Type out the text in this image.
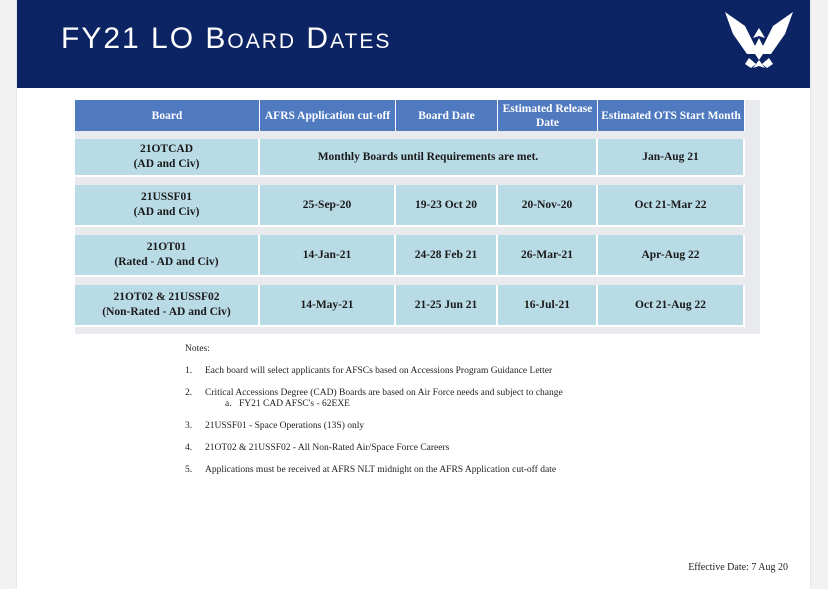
FY21 LO Board Dates
Board	AFRS Application cut-off	Board Date	Estimated Release Date	Estimated OTS Start Month

21OTCAD
(AD and Civ)	Monthly Boards until Requirements are met.			Jan-Aug 21

21USSF01
(AD and Civ)	25-Sep-20	19-23 Oct 20	20-Nov-20	Oct 21-Mar 22

21OT01
(Rated - AD and Civ)	14-Jan-21	24-28 Feb 21	26-Mar-21	Apr-Aug 22

21OT02 & 21USSF02
(Non-Rated - AD and Civ)	14-May-21	21-25 Jun 21	16-Jul-21	Oct 21-Aug 22
Notes:
1.	Each board will select applicants for AFSCs based on Accessions Program Guidance Letter
2.	Critical Accessions Degree (CAD) Boards are based on Air Force needs and subject to change
a. FY21 CAD AFSC's - 62EXE
3.	21USSF01 - Space Operations (13S) only
4.	21OT02 & 21USSF02 - All Non-Rated Air/Space Force Careers
5.	Applications must be received at AFRS NLT midnight on the AFRS Application cut-off date
Effective Date: 7 Aug 20
